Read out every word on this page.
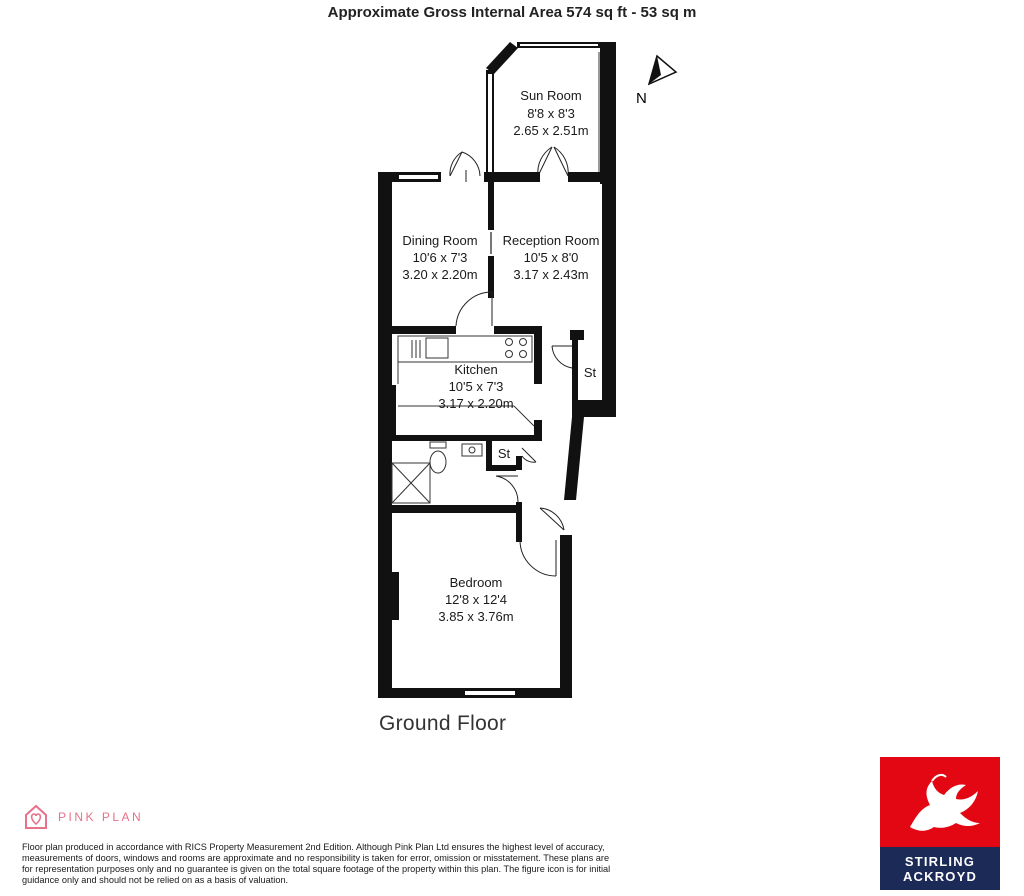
Approximate Gross Internal Area 574 sq ft - 53 sq m
N
Sun Room
8'8 x 8'3
2.65 x 2.51m
Dining Room
10'6 x 7'3
3.20 x 2.20m
Reception Room
10'5 x 8'0
3.17 x 2.43m
Kitchen
10'5 x 7'3
3.17 x 2.20m
Bedroom
12'8 x 12'4
3.85 x 3.76m
St
St
Ground Floor
PINK PLAN
Floor plan produced in accordance with RICS Property Measurement 2nd Edition. Although Pink Plan Ltd ensures the highest level of accuracy, measurements of doors, windows and rooms are approximate and no responsibility is taken for error, omission or misstatement. These plans are for representation purposes only and no guarantee is given on the total square footage of the property within this plan. The figure icon is for initial guidance only and should not be relied on as a basis of valuation.
STIRLING
ACKROYD
